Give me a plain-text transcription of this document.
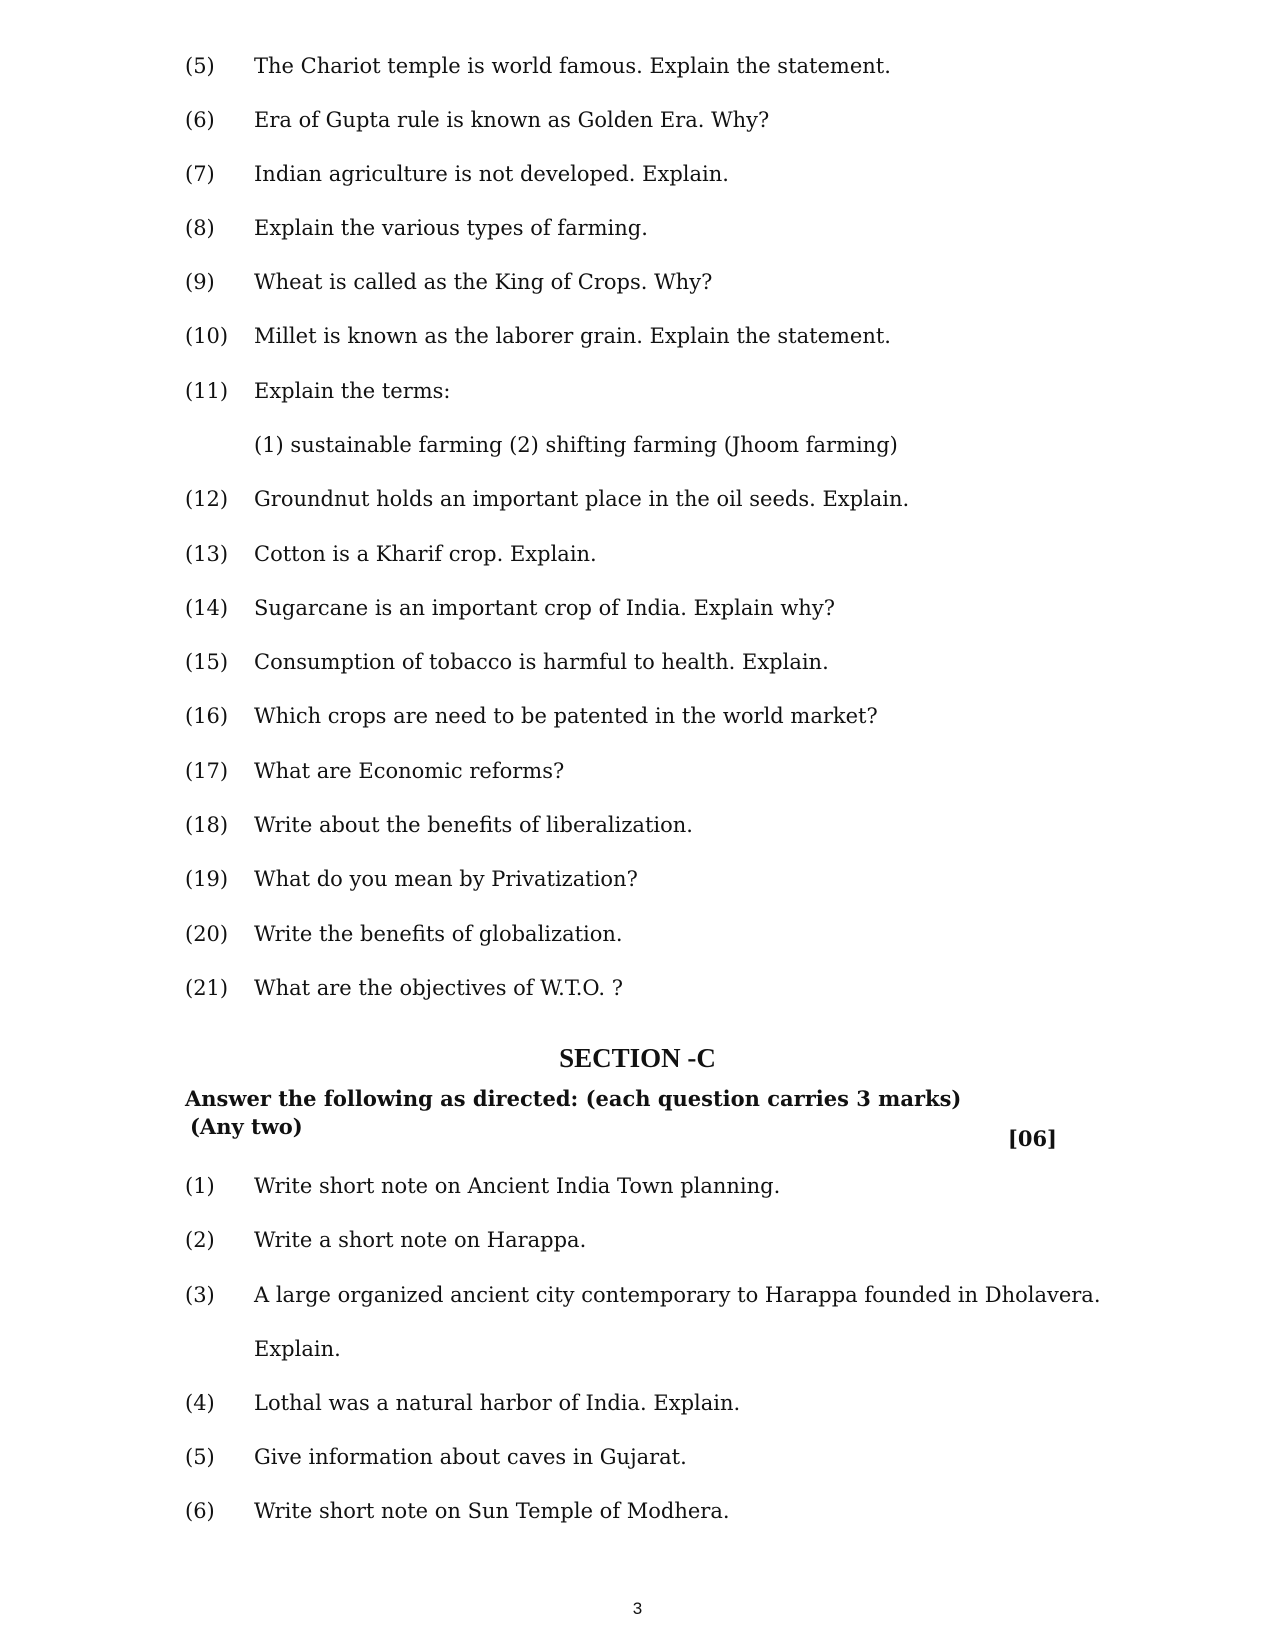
(5) The Chariot temple is world famous. Explain the statement.
(6) Era of Gupta rule is known as Golden Era. Why?
(7) Indian agriculture is not developed. Explain.
(8) Explain the various types of farming.
(9) Wheat is called as the King of Crops. Why?
(10) Millet is known as the laborer grain. Explain the statement.
(11) Explain the terms:
(1) sustainable farming (2) shifting farming (Jhoom farming)
(12) Groundnut holds an important place in the oil seeds. Explain.
(13) Cotton is a Kharif crop. Explain.
(14) Sugarcane is an important crop of India. Explain why?
(15) Consumption of tobacco is harmful to health. Explain.
(16) Which crops are need to be patented in the world market?
(17) What are Economic reforms?
(18) Write about the benefits of liberalization.
(19) What do you mean by Privatization?
(20) Write the benefits of globalization.
(21) What are the objectives of W.T.O. ?
SECTION -C
Answer the following as directed: (each question carries 3 marks)
(Any two)	[06]
(1) Write short note on Ancient India Town planning.
(2) Write a short note on Harappa.
(3) A large organized ancient city contemporary to Harappa founded in Dholavera.
Explain.
(4) Lothal was a natural harbor of India. Explain.
(5) Give information about caves in Gujarat.
(6) Write short note on Sun Temple of Modhera.
3
